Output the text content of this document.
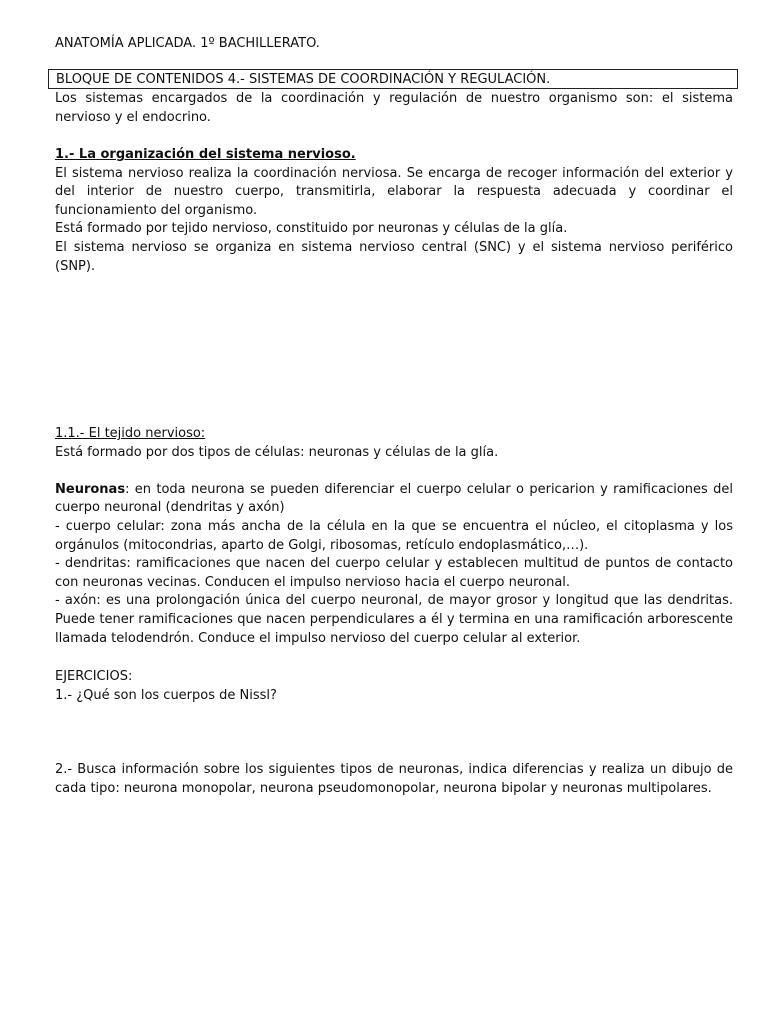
ANATOMÍA APLICADA. 1º BACHILLERATO.

BLOQUE DE CONTENIDOS 4.- SISTEMAS DE COORDINACIÓN Y REGULACIÓN.

Los sistemas encargados de la coordinación y regulación de nuestro organismo son: el sistema nervioso y el endocrino.

1.- La organización del sistema nervioso.

El sistema nervioso realiza la coordinación nerviosa. Se encarga de recoger información del exterior y del interior de nuestro cuerpo, transmitirla, elaborar la respuesta adecuada y coordinar el funcionamiento del organismo.

Está formado por tejido nervioso, constituido por neuronas y células de la glía.

El sistema nervioso se organiza en sistema nervioso central (SNC) y el sistema nervioso periférico (SNP).

1.1.- El tejido nervioso:

Está formado por dos tipos de células: neuronas y células de la glía.

Neuronas: en toda neurona se pueden diferenciar el cuerpo celular o pericarion y ramificaciones del cuerpo neuronal (dendritas y axón)

- cuerpo celular: zona más ancha de la célula en la que se encuentra el núcleo, el citoplasma y los orgánulos (mitocondrias, aparto de Golgi, ribosomas, retículo endoplasmático,…).

- dendritas: ramificaciones que nacen del cuerpo celular y establecen multitud de puntos de contacto con neuronas vecinas. Conducen el impulso nervioso hacia el cuerpo neuronal.

- axón: es una prolongación única del cuerpo neuronal, de mayor grosor y longitud que las dendritas. Puede tener ramificaciones que nacen perpendiculares a él y termina en una ramificación arborescente llamada telodendrón. Conduce el impulso nervioso del cuerpo celular al exterior.

EJERCICIOS:

1.- ¿Qué son los cuerpos de Nissl?

2.- Busca información sobre los siguientes tipos de neuronas, indica diferencias y realiza un dibujo de cada tipo: neurona monopolar, neurona pseudomonopolar, neurona bipolar y neuronas multipolares.
